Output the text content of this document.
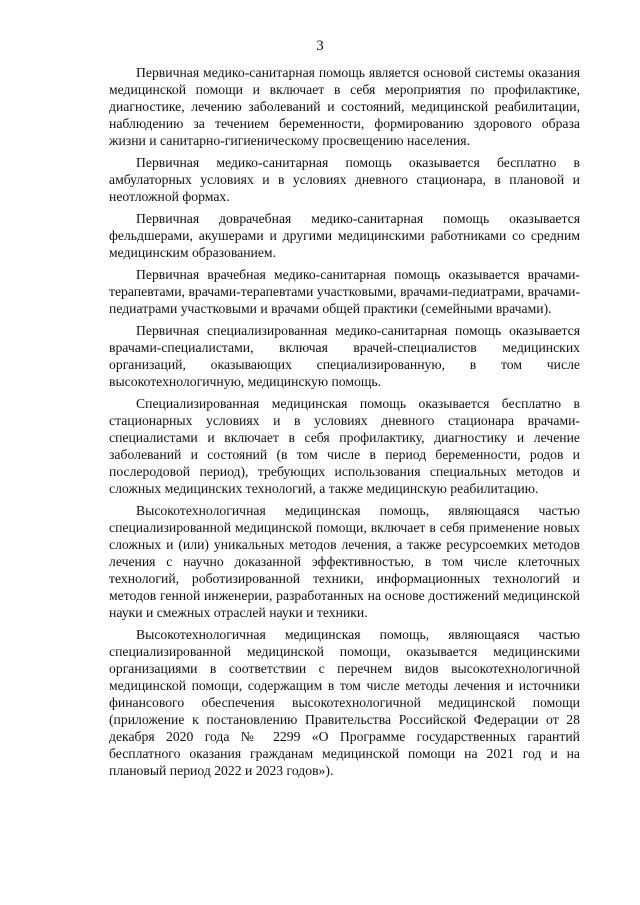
3

Первичная медико-санитарная помощь является основой системы оказания медицинской помощи и включает в себя мероприятия по профилактике, диагностике, лечению заболеваний и состояний, медицинской реабилитации, наблюдению за течением беременности, формированию здорового образа жизни и санитарно-гигиеническому просвещению населения.

Первичная медико-санитарная помощь оказывается бесплатно в амбулаторных условиях и в условиях дневного стационара, в плановой и неотложной формах.

Первичная доврачебная медико-санитарная помощь оказывается фельдшерами, акушерами и другими медицинскими работниками со средним медицинским образованием.

Первичная врачебная медико-санитарная помощь оказывается врачами-терапевтами, врачами-терапевтами участковыми, врачами-педиатрами, врачами-педиатрами участковыми и врачами общей практики (семейными врачами).

Первичная специализированная медико-санитарная помощь оказывается врачами-специалистами, включая врачей-специалистов медицинских организаций, оказывающих специализированную, в том числе высокотехнологичную, медицинскую помощь.

Специализированная медицинская помощь оказывается бесплатно в стационарных условиях и в условиях дневного стационара врачами-специалистами и включает в себя профилактику, диагностику и лечение заболеваний и состояний (в том числе в период беременности, родов и послеродовой период), требующих использования специальных методов и сложных медицинских технологий, а также медицинскую реабилитацию.

Высокотехнологичная медицинская помощь, являющаяся частью специализированной медицинской помощи, включает в себя применение новых сложных и (или) уникальных методов лечения, а также ресурсоемких методов лечения с научно доказанной эффективностью, в том числе клеточных технологий, роботизированной техники, информационных технологий и методов генной инженерии, разработанных на основе достижений медицинской науки и смежных отраслей науки и техники.

Высокотехнологичная медицинская помощь, являющаяся частью специализированной медицинской помощи, оказывается медицинскими организациями в соответствии с перечнем видов высокотехнологичной медицинской помощи, содержащим в том числе методы лечения и источники финансового обеспечения высокотехнологичной медицинской помощи (приложение к постановлению Правительства Российской Федерации от 28 декабря 2020 года № 2299 «О Программе государственных гарантий бесплатного оказания гражданам медицинской помощи на 2021 год и на плановый период 2022 и 2023 годов»).
